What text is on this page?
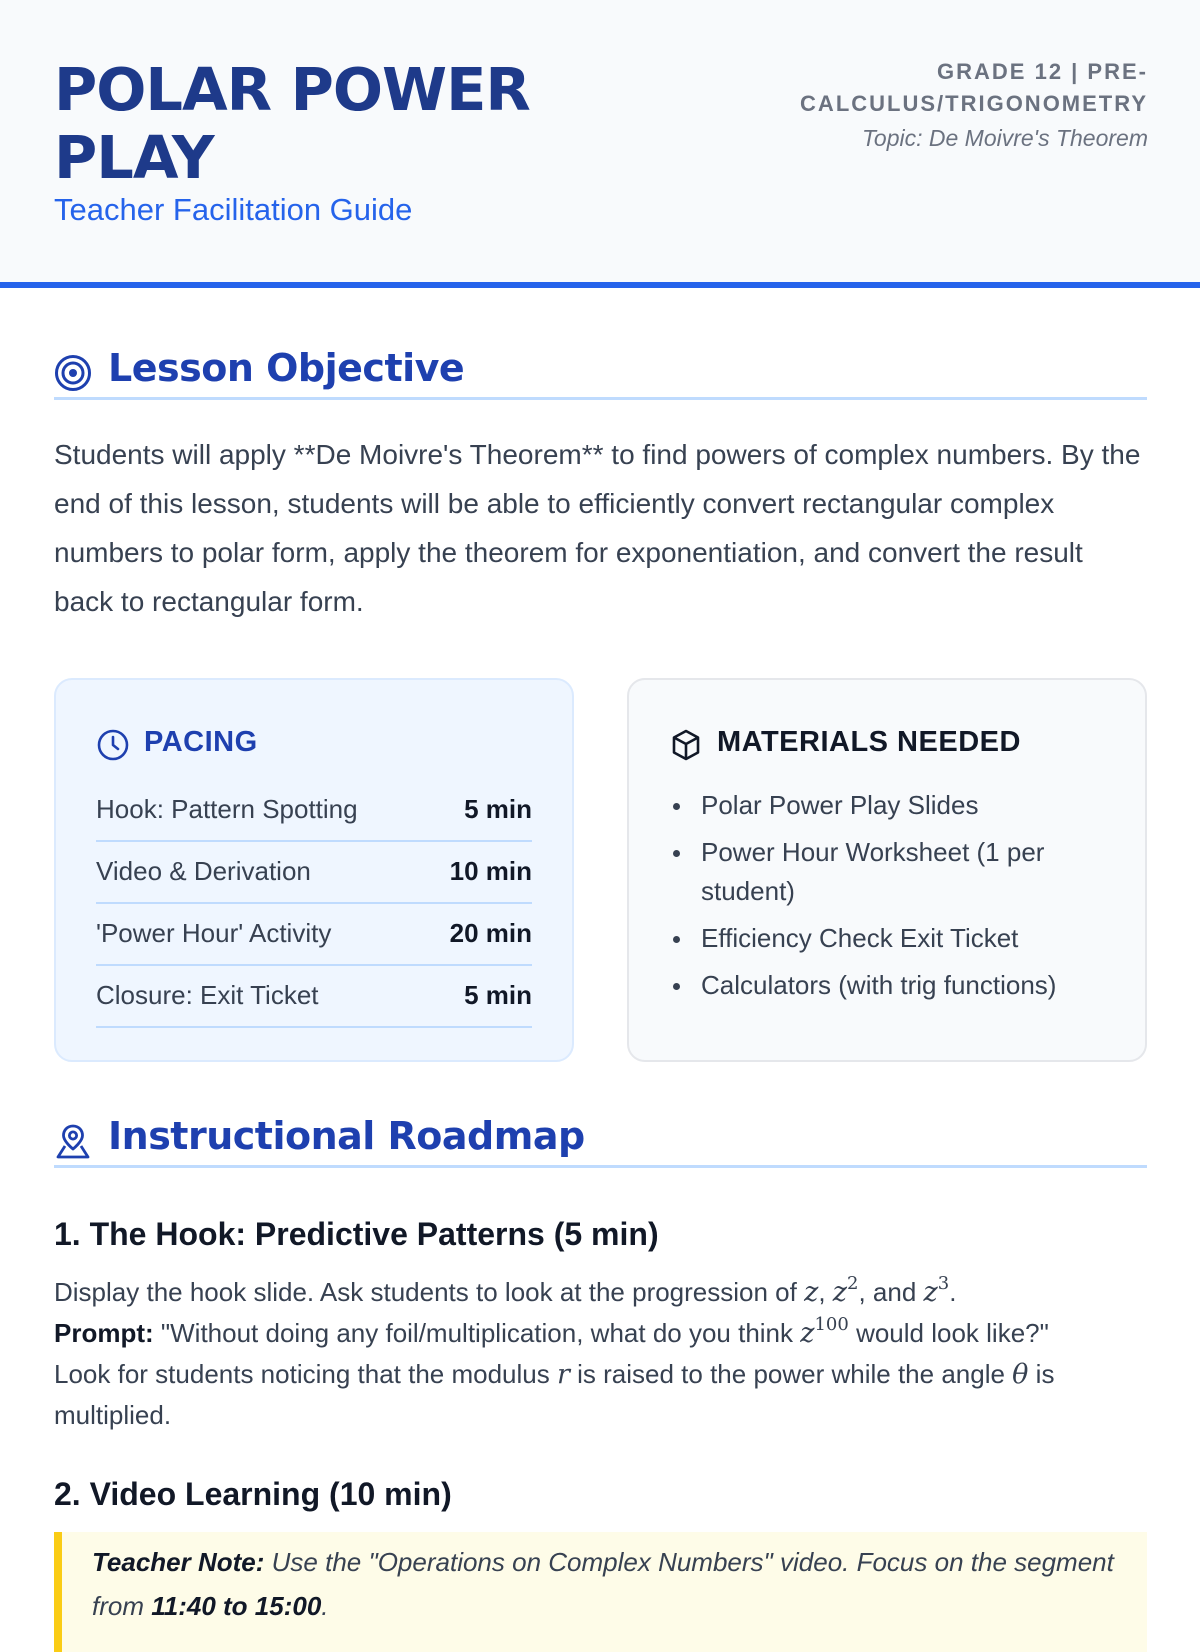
POLAR POWER PLAY
Teacher Facilitation Guide
GRADE 12 | PRE-CALCULUS/TRIGONOMETRY
Topic: De Moivre's Theorem
Lesson Objective

Students will apply **De Moivre's Theorem** to find powers of complex numbers. By the end of this lesson, students will be able to efficiently convert rectangular complex numbers to polar form, apply the theorem for exponentiation, and convert the result back to rectangular form.

PACING
Hook: Pattern Spotting	5 min
Video & Derivation	10 min
'Power Hour' Activity	20 min
Closure: Exit Ticket	5 min
MATERIALS NEEDED
Polar Power Play Slides
Power Hour Worksheet (1 per student)
Efficiency Check Exit Ticket
Calculators (with trig functions)
Instructional Roadmap
1. The Hook: Predictive Patterns (5 min)
Display the hook slide. Ask students to look at the progression of z, $z^2$, and $z^3$.
Prompt: "Without doing any foil/multiplication, what do you think $z^{100}$ would look like?"
Look for students noticing that the modulus r is raised to the power while the angle θ is multiplied.
2. Video Learning (10 min)
Teacher Note: Use the "Operations on Complex Numbers" video. Focus on the segment from 11:40 to 15:00.
